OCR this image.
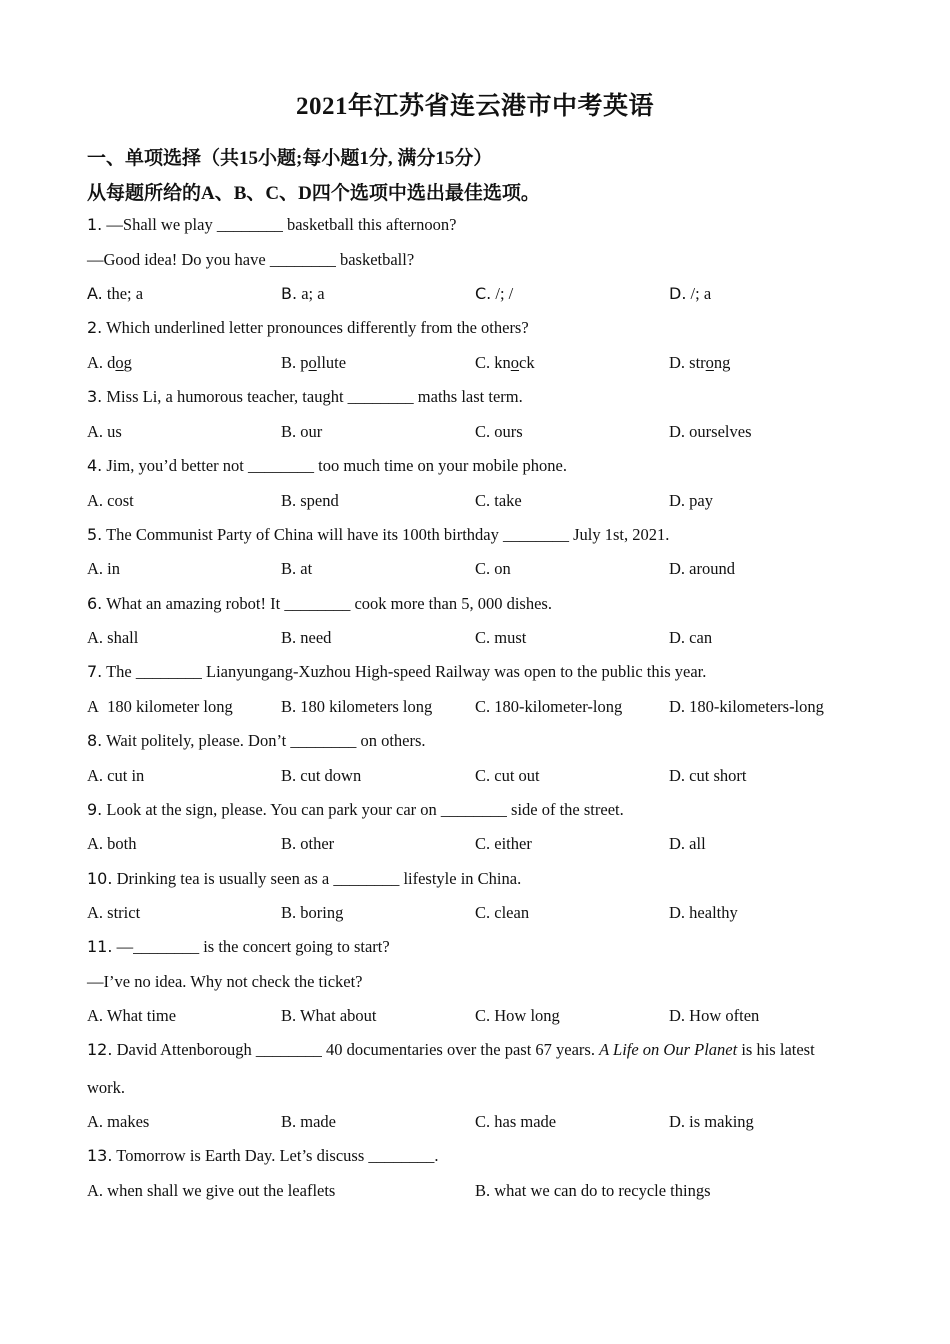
2021年江苏省连云港市中考英语
一、单项选择（共15小题;每小题1分, 满分15分）
从每题所给的A、B、C、D四个选项中选出最佳选项。
1. —Shall we play ________ basketball this afternoon?
—Good idea! Do you have ________ basketball?
A. the; a	B. a; a	C. /; /	D. /; a
2. Which underlined letter pronounces differently from the others?
A. dog	B. pollute	C. knock	D. strong
3. Miss Li, a humorous teacher, taught ________ maths last term.
A. us	B. our	C. ours	D. ourselves
4. Jim, you’d better not ________ too much time on your mobile phone.
A. cost	B. spend	C. take	D. pay
5. The Communist Party of China will have its 100th birthday ________ July 1st, 2021.
A. in	B. at	C. on	D. around
6. What an amazing robot! It ________ cook more than 5, 000 dishes.
A. shall	B. need	C. must	D. can
7. The ________ Lianyungang-Xuzhou High-speed Railway was open to the public this year.
A 180 kilometer long	B. 180 kilometers long	C. 180-kilometer-long	D. 180-kilometers-long
8. Wait politely, please. Don’t ________ on others.
A. cut in	B. cut down	C. cut out	D. cut short
9. Look at the sign, please. You can park your car on ________ side of the street.
A. both	B. other	C. either	D. all
10. Drinking tea is usually seen as a ________ lifestyle in China.
A. strict	B. boring	C. clean	D. healthy
11. —________ is the concert going to start?
—I’ve no idea. Why not check the ticket?
A. What time	B. What about	C. How long	D. How often
12. David Attenborough ________ 40 documentaries over the past 67 years. A Life on Our Planet is his latest
work.
A. makes	B. made	C. has made	D. is making
13. Tomorrow is Earth Day. Let’s discuss ________.
A. when shall we give out the leaflets	B. what we can do to recycle things
